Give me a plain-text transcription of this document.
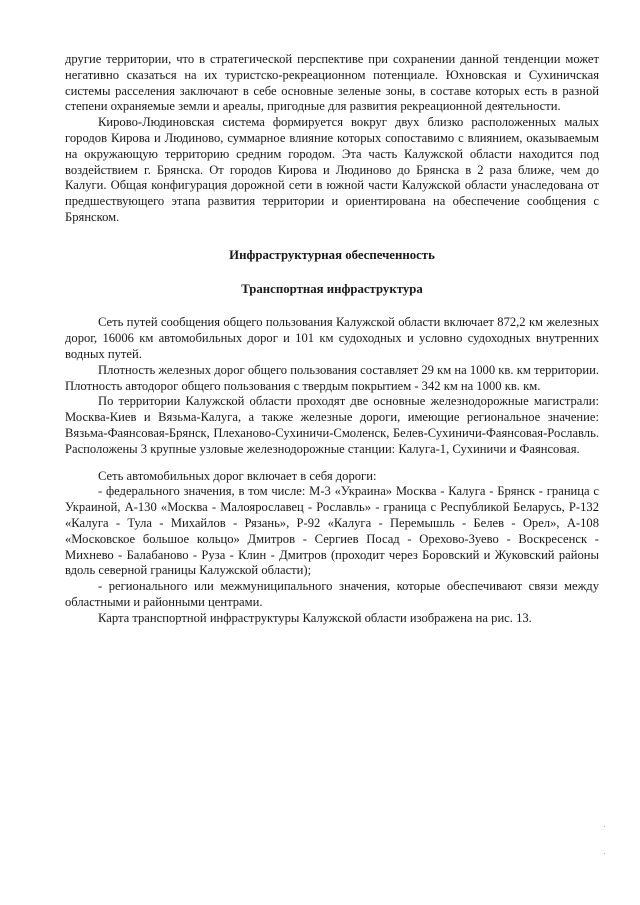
другие территории, что в стратегической перспективе при сохранении данной тенденции может негативно сказаться на их туристско-рекреационном потенциале. Юхновская и Сухиничская системы расселения заключают в себе основные зеленые зоны, в составе которых есть в разной степени охраняемые земли и ареалы, пригодные для развития рекреационной деятельности.

Кирово-Людиновская система формируется вокруг двух близко расположенных малых городов Кирова и Людиново, суммарное влияние которых сопоставимо с влиянием, оказываемым на окружающую территорию средним городом. Эта часть Калужской области находится под воздействием г. Брянска. От городов Кирова и Людиново до Брянска в 2 раза ближе, чем до Калуги. Общая конфигурация дорожной сети в южной части Калужской области унаследована от предшествующего этапа развития территории и ориентирована на обеспечение сообщения с Брянском.

Инфраструктурная обеспеченность

Транспортная инфраструктура

Сеть путей сообщения общего пользования Калужской области включает 872,2 км железных дорог, 16006 км автомобильных дорог и 101 км судоходных и условно судоходных внутренних водных путей.

Плотность железных дорог общего пользования составляет 29 км на 1000 кв. км территории. Плотность автодорог общего пользования с твердым покрытием - 342 км на 1000 кв. км.

По территории Калужской области проходят две основные железнодорожные магистрали: Москва-Киев и Вязьма-Калуга, а также железные дороги, имеющие региональное значение: Вязьма-Фаянсовая-Брянск, Плеханово-Сухиничи-Смоленск, Белев-Сухиничи-Фаянсовая-Рославль. Расположены 3 крупные узловые железнодорожные станции: Калуга-1, Сухиничи и Фаянсовая.

Сеть автомобильных дорог включает в себя дороги:

- федерального значения, в том числе: М-3 «Украина» Москва - Калуга - Брянск - граница с Украиной, А-130 «Москва - Малоярославец - Рославль» - граница с Республикой Беларусь, Р-132 «Калуга - Тула - Михайлов - Рязань», Р-92 «Калуга - Перемышль - Белев - Орел», А-108 «Московское большое кольцо» Дмитров - Сергиев Посад - Орехово-Зуево - Воскресенск - Михнево - Балабаново - Руза - Клин - Дмитров (проходит через Боровский и Жуковский районы вдоль северной границы Калужской области);

- регионального или межмуниципального значения, которые обеспечивают связи между областными и районными центрами.

Карта транспортной инфраструктуры Калужской области изображена на рис. 13.
